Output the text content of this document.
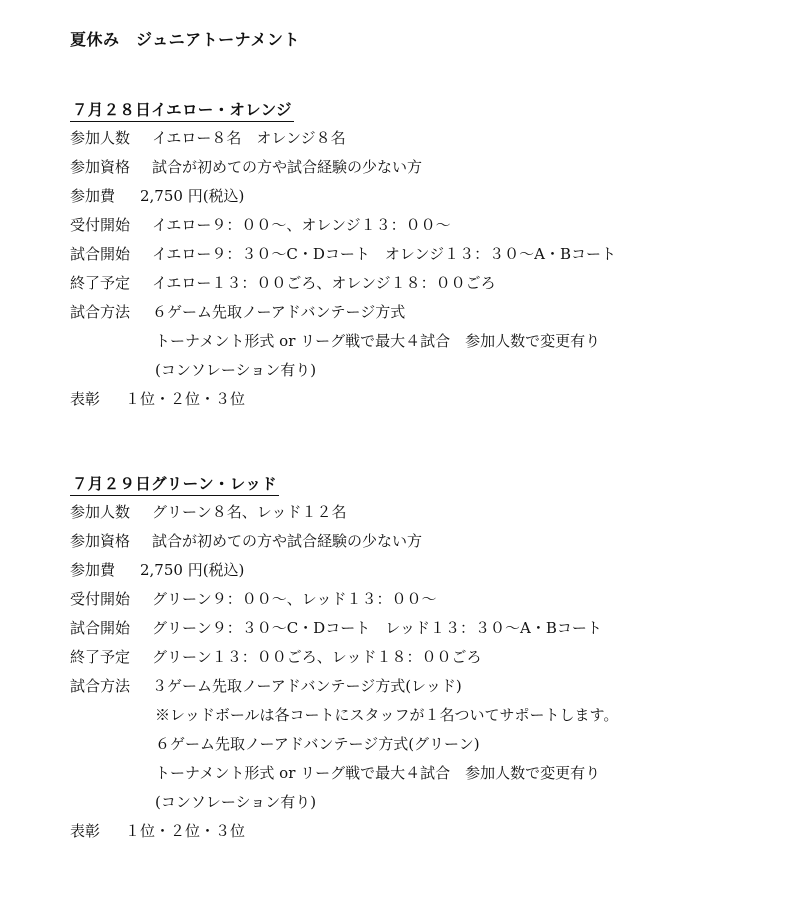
夏休み　ジュニアトーナメント
７月２８日イエロー・オレンジ
参加人数 イエロー８名　オレンジ８名
参加資格 試合が初めての方や試合経験の少ない方
参加費 2,750 円(税込)
受付開始 イエロー９：００〜、オレンジ１３：００〜
試合開始 イエロー９：３０〜C・Dコート　オレンジ１３：３０〜A・Bコート
終了予定 イエロー１３：００ごろ、オレンジ１８：００ごろ
試合方法 ６ゲーム先取ノーアドバンテージ方式
トーナメント形式 or リーグ戦で最大４試合　参加人数で変更有り
(コンソレーション有り)
表彰 １位・２位・３位
７月２９日グリーン・レッド
参加人数 グリーン８名、レッド１２名
参加資格 試合が初めての方や試合経験の少ない方
参加費 2,750 円(税込)
受付開始 グリーン９：００〜、レッド１３：００〜
試合開始 グリーン９：３０〜C・Dコート　レッド１３：３０〜A・Bコート
終了予定 グリーン１３：００ごろ、レッド１８：００ごろ
試合方法 ３ゲーム先取ノーアドバンテージ方式(レッド)
※レッドボールは各コートにスタッフが１名ついてサポートします。
６ゲーム先取ノーアドバンテージ方式(グリーン)
トーナメント形式 or リーグ戦で最大４試合　参加人数で変更有り
(コンソレーション有り)
表彰 １位・２位・３位
